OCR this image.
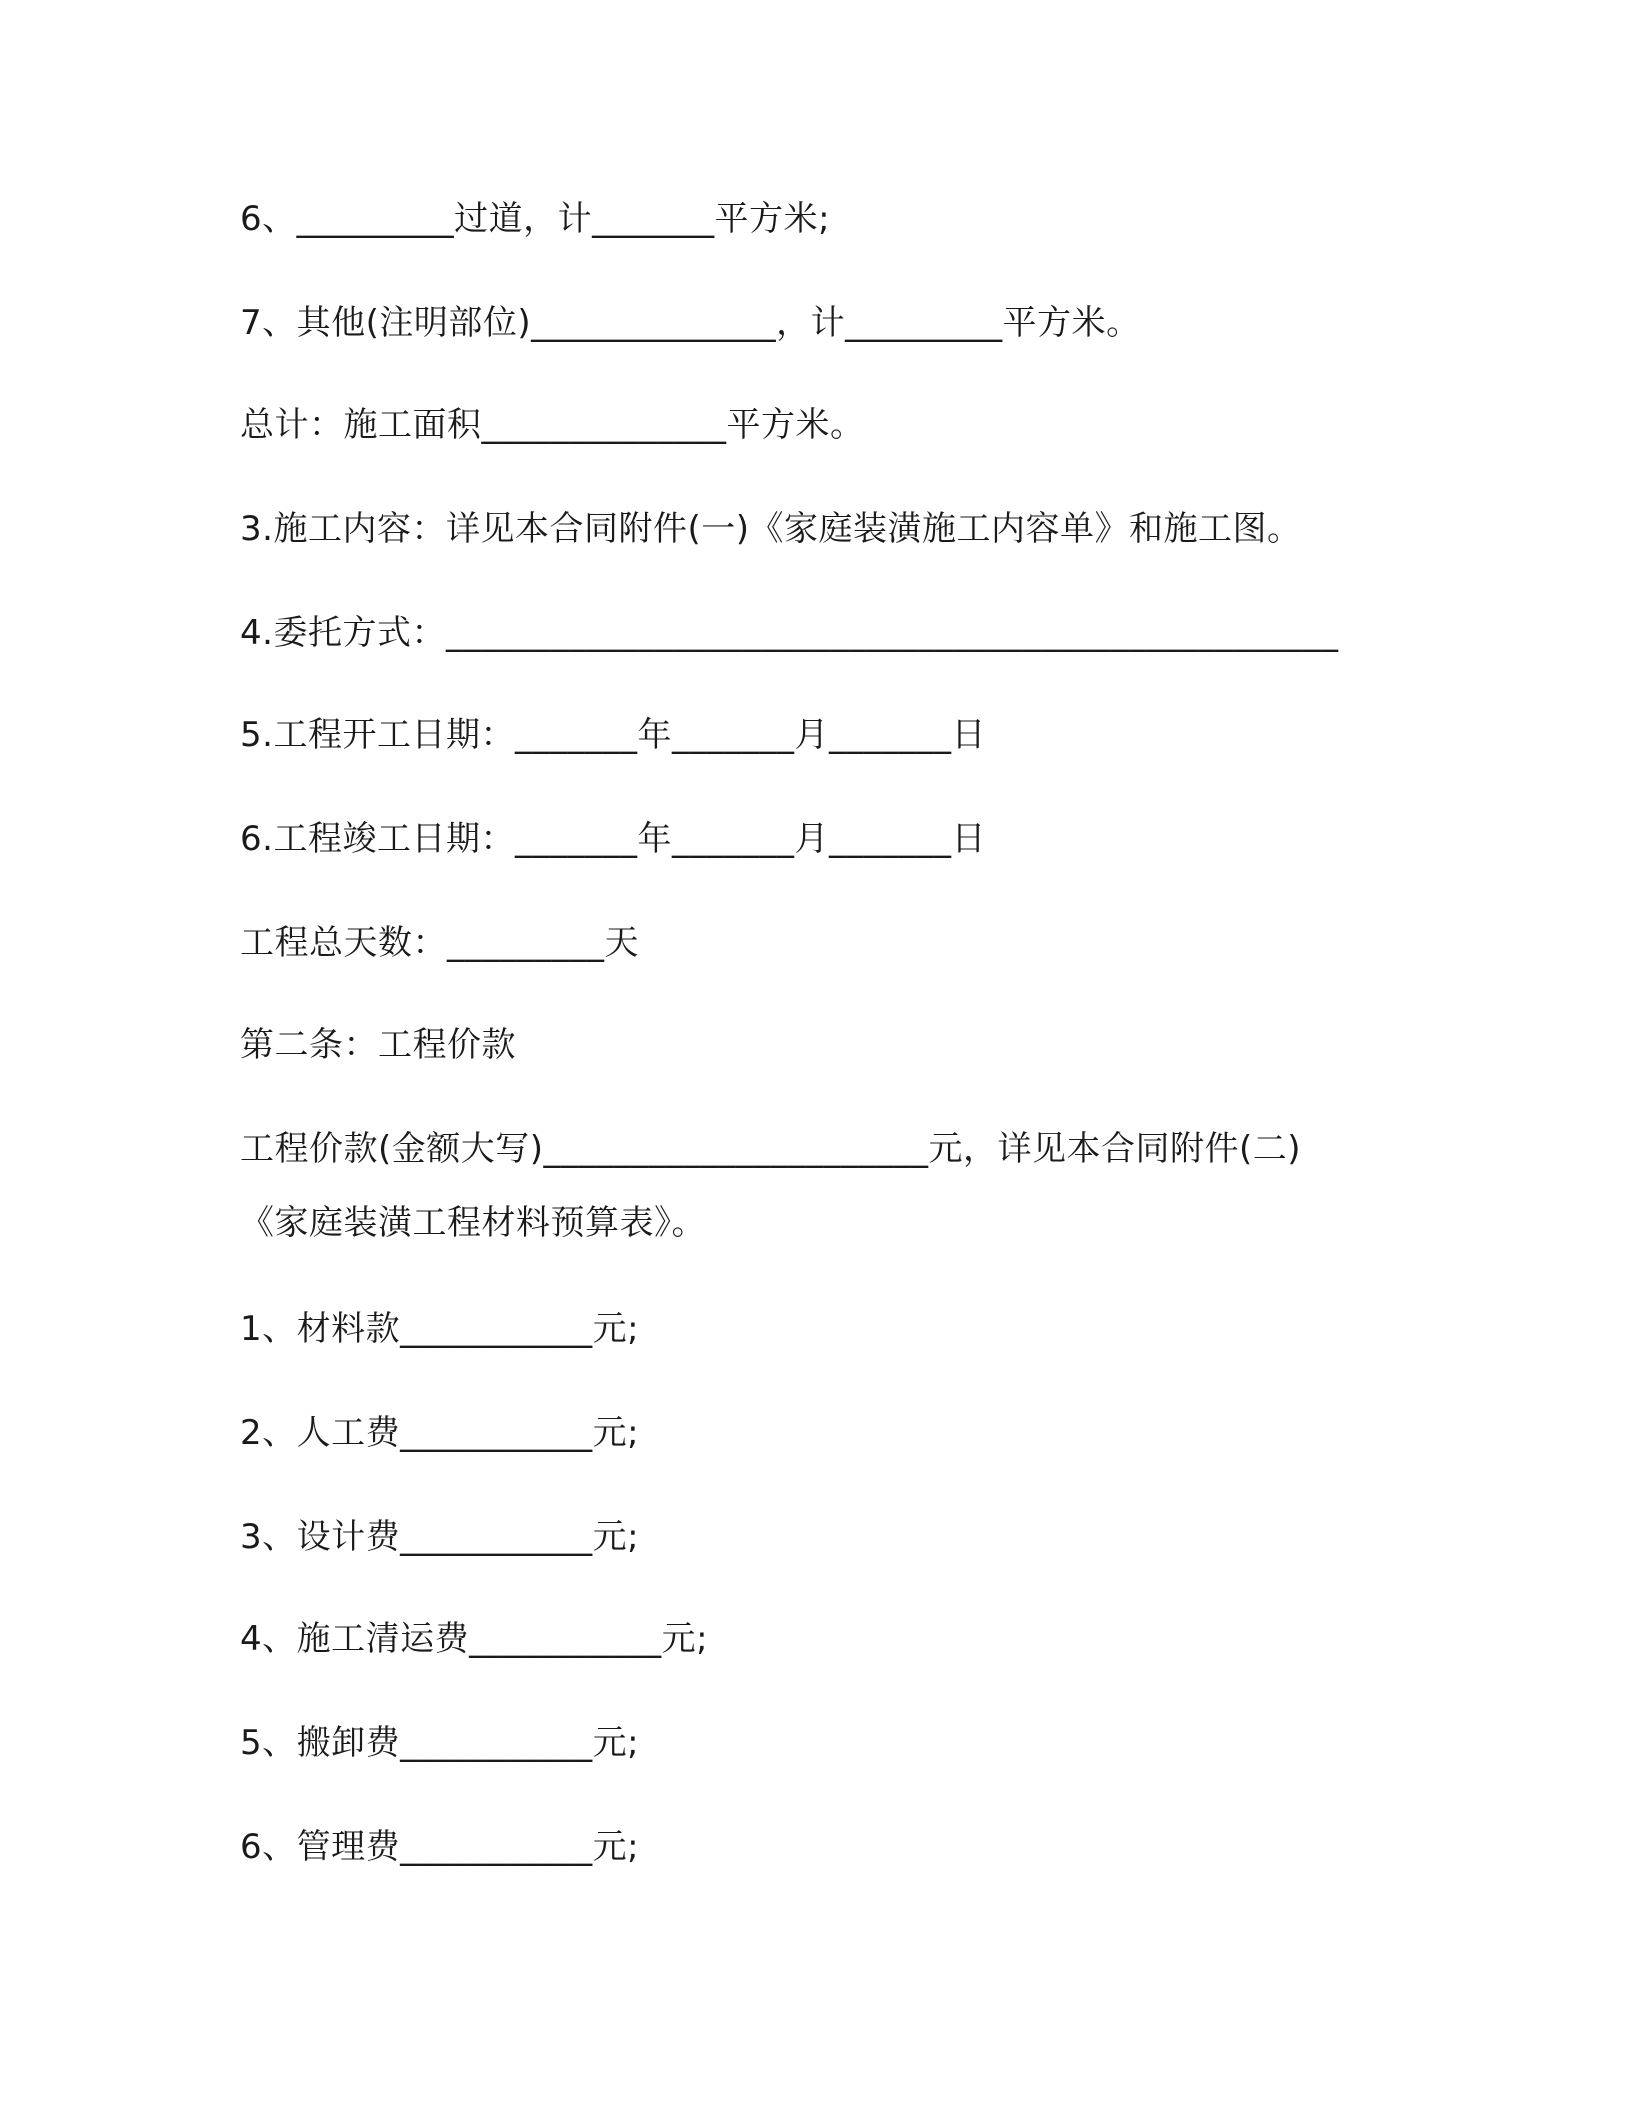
6、_________过道，计_______平方米;
7、其他(注明部位)______________，计_________平方米。
总计：施工面积______________平方米。
3.施工内容：详见本合同附件(一)《家庭装潢施工内容单》和施工图。
4.委托方式：___________________________________________________
5.工程开工日期：_______年_______月_______日
6.工程竣工日期：_______年_______月_______日
工程总天数：_________天
第二条：工程价款
工程价款(金额大写)______________________元，详见本合同附件(二)
《家庭装潢工程材料预算表》。
1、材料款___________元;
2、人工费___________元;
3、设计费___________元;
4、施工清运费___________元;
5、搬卸费___________元;
6、管理费___________元;
